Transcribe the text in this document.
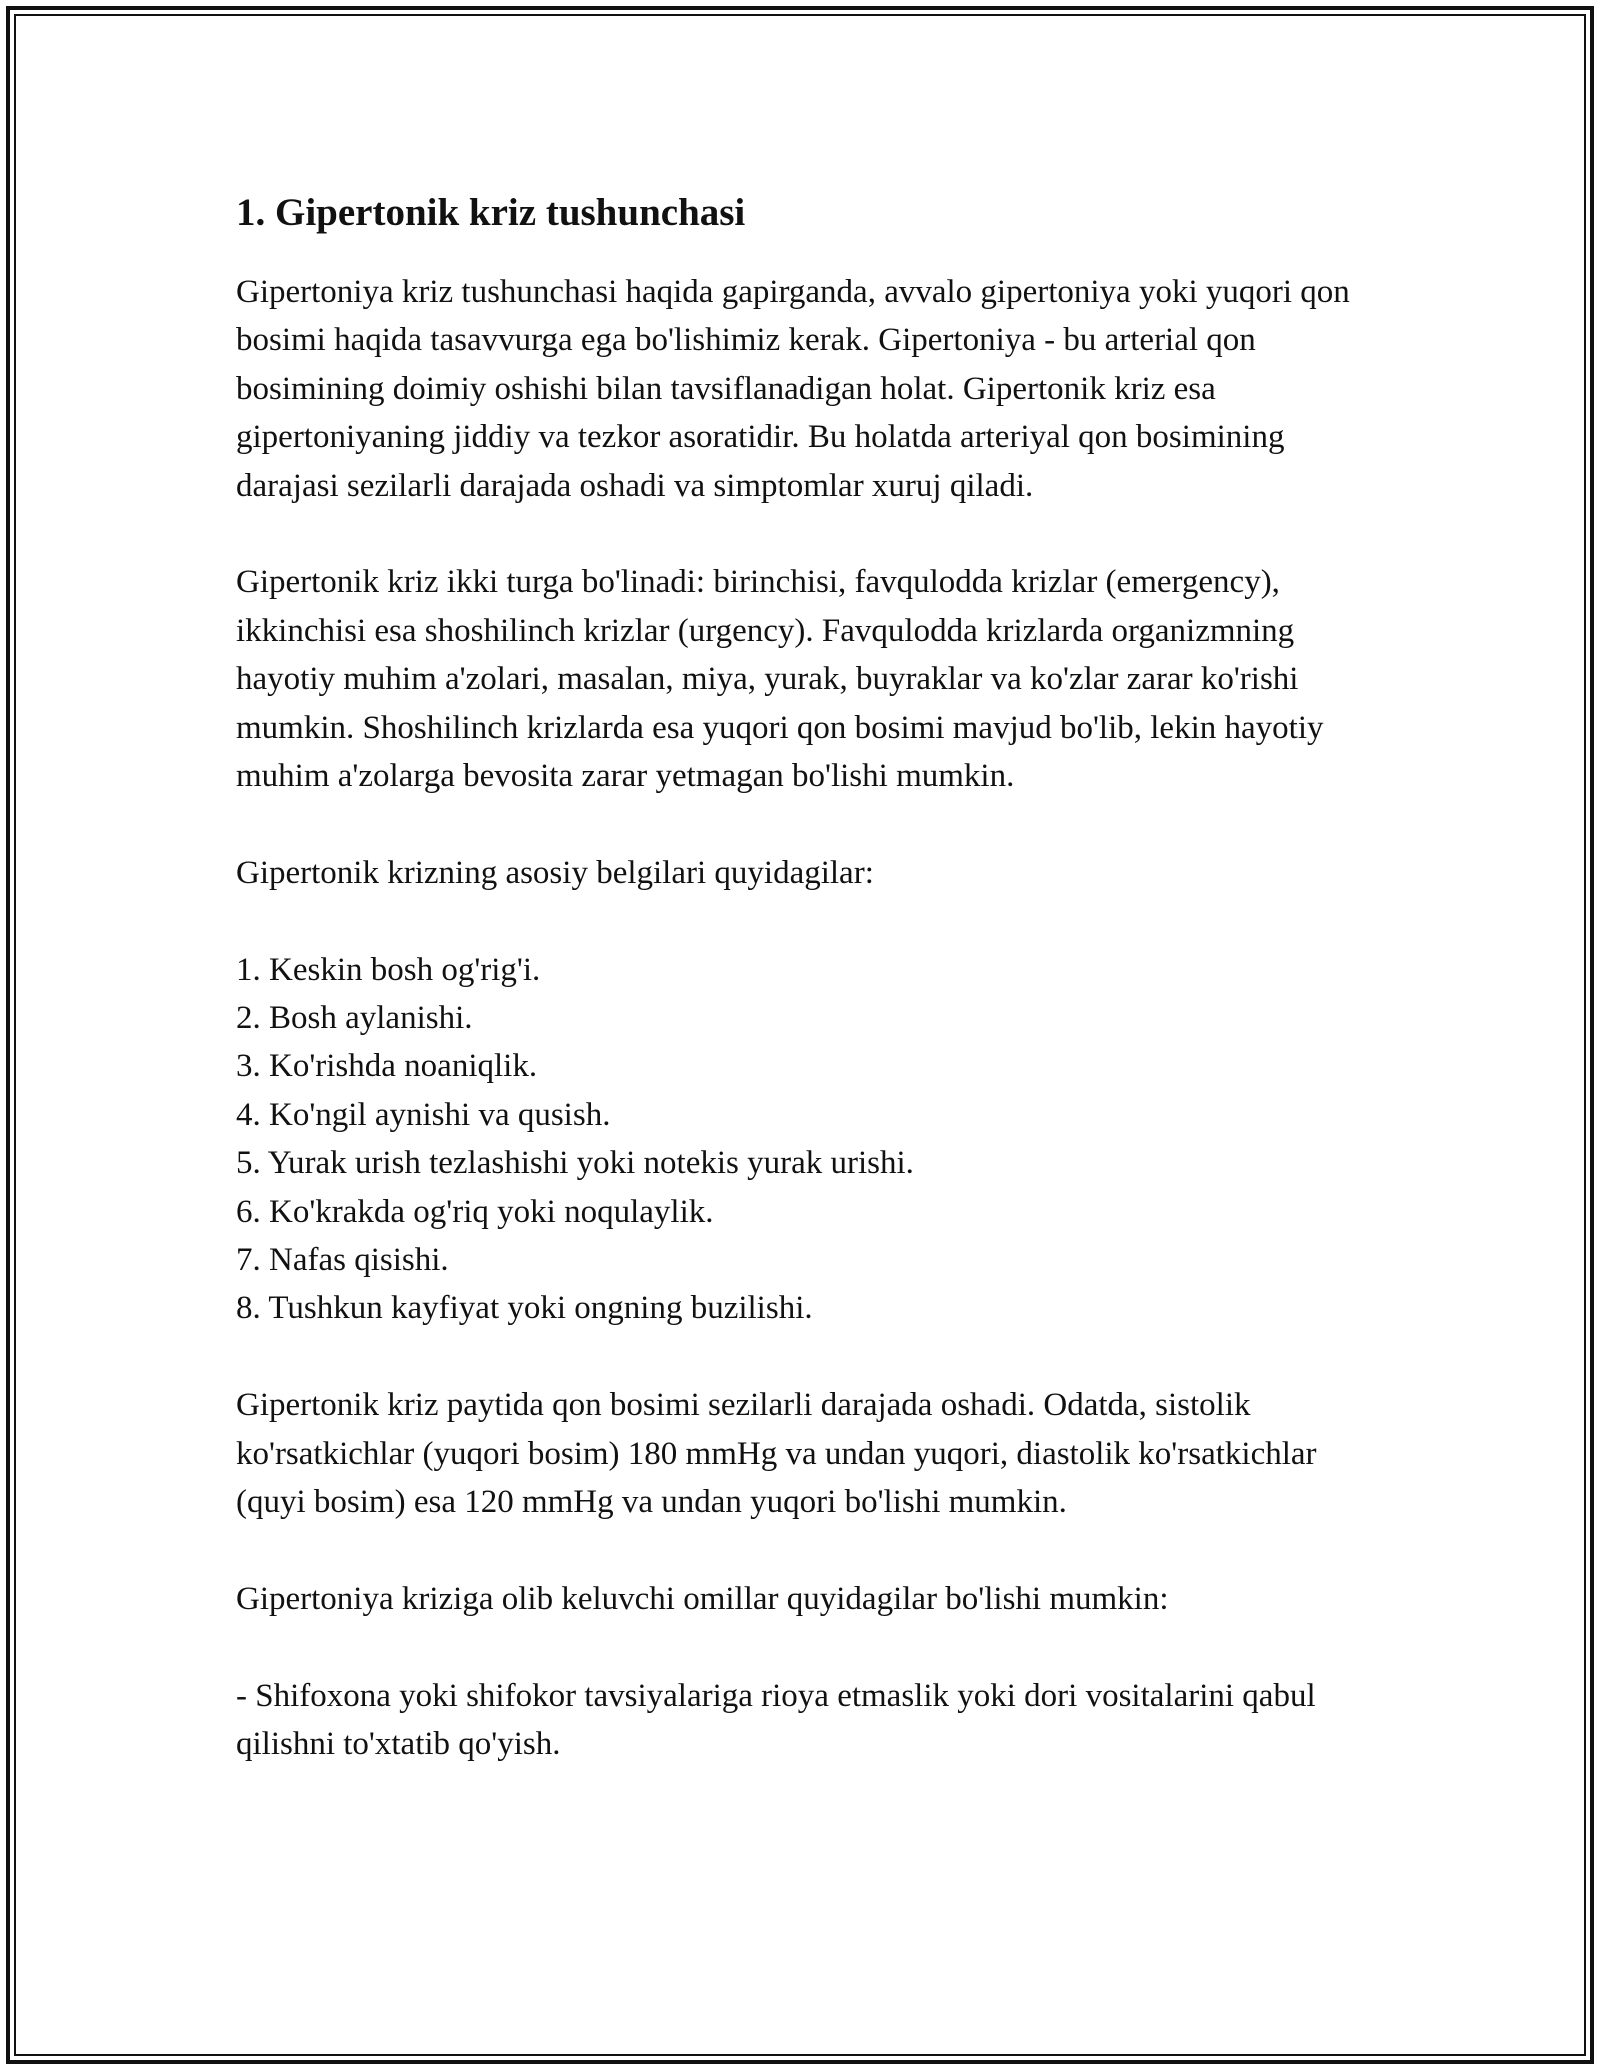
1. Gipertonik kriz tushunchasi

Gipertoniya kriz tushunchasi haqida gapirganda, avvalo gipertoniya yoki yuqori qon bosimi haqida tasavvurga ega bo'lishimiz kerak. Gipertoniya - bu arterial qon bosimining doimiy oshishi bilan tavsiflanadigan holat. Gipertonik kriz esa gipertoniyaning jiddiy va tezkor asoratidir. Bu holatda arteriyal qon bosimining darajasi sezilarli darajada oshadi va simptomlar xuruj qiladi.

Gipertonik kriz ikki turga bo'linadi: birinchisi, favqulodda krizlar (emergency), ikkinchisi esa shoshilinch krizlar (urgency). Favqulodda krizlarda organizmning hayotiy muhim a'zolari, masalan, miya, yurak, buyraklar va ko'zlar zarar ko'rishi mumkin. Shoshilinch krizlarda esa yuqori qon bosimi mavjud bo'lib, lekin hayotiy muhim a'zolarga bevosita zarar yetmagan bo'lishi mumkin.

Gipertonik krizning asosiy belgilari quyidagilar:

1. Keskin bosh og'rig'i.
2. Bosh aylanishi.
3. Ko'rishda noaniqlik.
4. Ko'ngil aynishi va qusish.
5. Yurak urish tezlashishi yoki notekis yurak urishi.
6. Ko'krakda og'riq yoki noqulaylik.
7. Nafas qisishi.
8. Tushkun kayfiyat yoki ongning buzilishi.

Gipertonik kriz paytida qon bosimi sezilarli darajada oshadi. Odatda, sistolik ko'rsatkichlar (yuqori bosim) 180 mmHg va undan yuqori, diastolik ko'rsatkichlar (quyi bosim) esa 120 mmHg va undan yuqori bo'lishi mumkin.

Gipertoniya kriziga olib keluvchi omillar quyidagilar bo'lishi mumkin:

- Shifoxona yoki shifokor tavsiyalariga rioya etmaslik yoki dori vositalarini qabul qilishni to'xtatib qo'yish.
